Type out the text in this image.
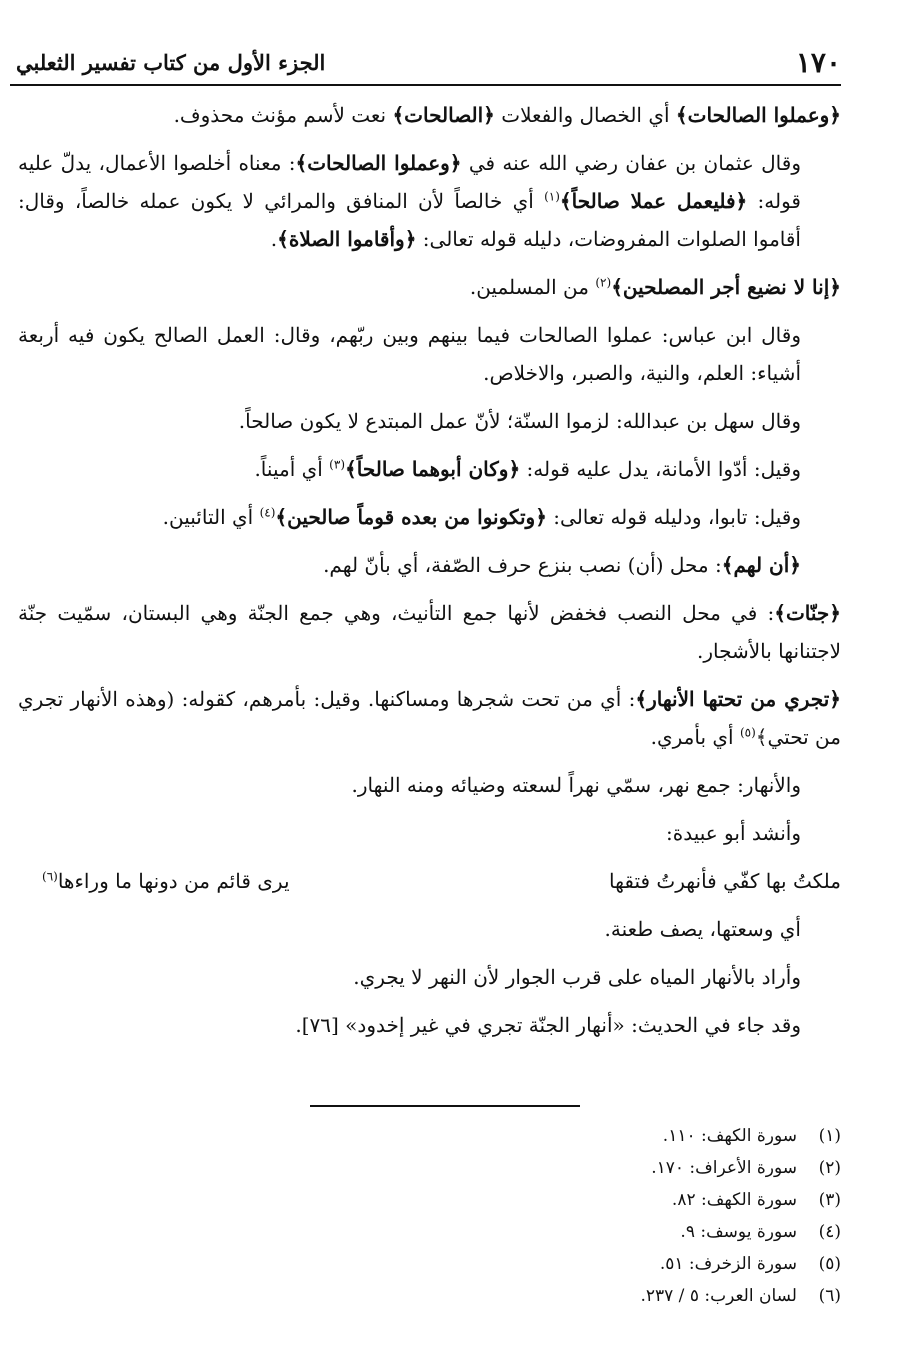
١٧٠
الجزء الأول من كتاب تفسير الثعلبي
﴿وعملوا الصالحات﴾ أي الخصال والفعلات ﴿الصالحات﴾ نعت لأسم مؤنث محذوف.
وقال عثمان بن عفان رضي الله عنه في ﴿وعملوا الصالحات﴾: معناه أخلصوا الأعمال، يدلّ عليه قوله: ﴿فليعمل عملا صالحاً﴾$^{(١)}$ أي خالصاً لأن المنافق والمرائي لا يكون عمله خالصاً، وقال: أقاموا الصلوات المفروضات، دليله قوله تعالى: ﴿وأقاموا الصلاة﴾.
﴿إنا لا نضيع أجر المصلحين﴾$^{(٢)}$ من المسلمين.
وقال ابن عباس: عملوا الصالحات فيما بينهم وبين ربّهم، وقال: العمل الصالح يكون فيه أربعة أشياء: العلم، والنية، والصبر، والاخلاص.
وقال سهل بن عبدالله: لزموا السنّة؛ لأنّ عمل المبتدع لا يكون صالحاً.
وقيل: أدّوا الأمانة، يدل عليه قوله: ﴿وكان أبوهما صالحاً﴾$^{(٣)}$ أي أميناً.
وقيل: تابوا، ودليله قوله تعالى: ﴿وتكونوا من بعده قوماً صالحين﴾$^{(٤)}$ أي التائبين.
﴿أن لهم﴾: محل (أن) نصب بنزع حرف الصّفة، أي بأنّ لهم.
﴿جنّات﴾: في محل النصب فخفض لأنها جمع التأنيث، وهي جمع الجنّة وهي البستان، سمّيت جنّة لاجتنانها بالأشجار.
﴿تجري من تحتها الأنهار﴾: أي من تحت شجرها ومساكنها. وقيل: بأمرهم، كقوله: (وهذه الأنهار تجري من تحتي﴾$^{(٥)}$ أي بأمري.
والأنهار: جمع نهر، سمّي نهراً لسعته وضيائه ومنه النهار.
وأنشد أبو عبيدة:
ملكتُ بها كفّي فأنهرتُ فتقها
يرى قائم من دونها ما وراءها$^{(٦)}$
أي وسعتها، يصف طعنة.
وأراد بالأنهار المياه على قرب الجوار لأن النهر لا يجري.
وقد جاء في الحديث: «أنهار الجنّة تجري في غير إخدود» [٧٦].
(١)
سورة الكهف: ١١٠.
(٢)
سورة الأعراف: ١٧٠.
(٣)
سورة الكهف: ٨٢.
(٤)
سورة يوسف: ٩.
(٥)
سورة الزخرف: ٥١.
(٦)
لسان العرب: ٥ / ٢٣٧.
